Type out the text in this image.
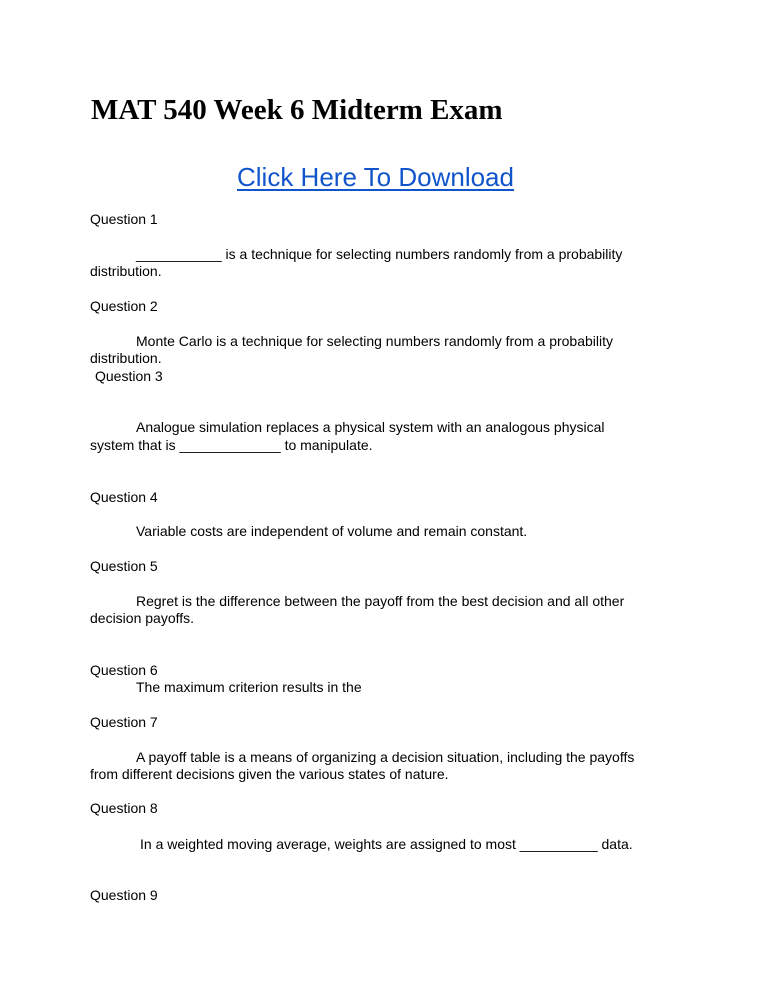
MAT 540 Week 6 Midterm Exam
Click Here To Download
Question 1
___________ is a technique for selecting numbers randomly from a probability
distribution.
Question 2
Monte Carlo is a technique for selecting numbers randomly from a probability
distribution.
Question 3
Analogue simulation replaces a physical system with an analogous physical
system that is _____________ to manipulate.
Question 4
Variable costs are independent of volume and remain constant.
Question 5
Regret is the difference between the payoff from the best decision and all other
decision payoffs.
Question 6
The maximum criterion results in the
Question 7
A payoff table is a means of organizing a decision situation, including the payoffs
from different decisions given the various states of nature.
Question 8
In a weighted moving average, weights are assigned to most __________ data.
Question 9
